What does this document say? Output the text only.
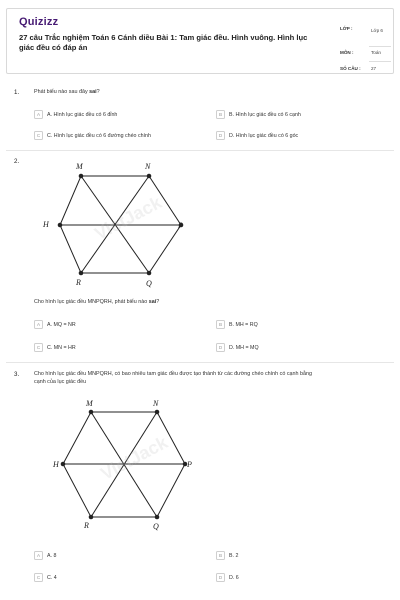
Quizizz
27 câu Trắc nghiệm Toán 6 Cánh diều Bài 1: Tam giác đều. Hình vuông. Hình lục giác đều có đáp án
LỚP :	Lớp 6
MÔN :	Toán
SỐ CÂU : 27
1.	Phát biểu nào sau đây sai?
A	A. Hình lục giác đều có 6 đỉnh	B	B. Hình lục giác đều có 6 cạnh
C	C. Hình lục giác đều có 6 đường chéo chính	D	D. Hình lục giác đều có 6 góc
2.
M	N
P
Q
R
H VietJack
Cho hình lục giác đều MNPQRH, phát biểu nào sai?
A	A. MQ = NR	B	B. MH = RQ
C	C. MN = HR	D	D. MH = MQ
3.	Cho hình lục giác đều MNPQRH, có bao nhiêu tam giác đều được tạo thành từ các đường chéo chính có cạnh bằng
cạnh của lục giác đều
M	N
P
Q
R
H VietJack
A	A. 8	B	B. 2
C	C. 4	D	D. 6
